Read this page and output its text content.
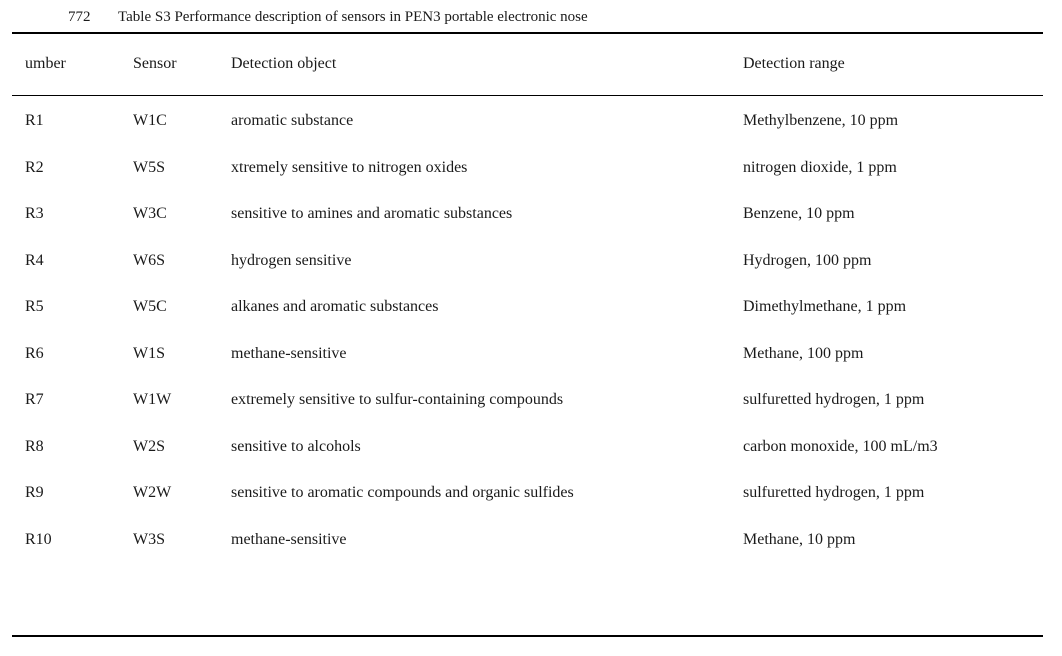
772 Table S3 Performance description of sensors in PEN3 portable electronic nose
umber	Sensor	Detection object	Detection range
R1	W1C	aromatic substance	Methylbenzene, 10 ppm
R2	W5S	xtremely sensitive to nitrogen oxides	nitrogen dioxide, 1 ppm
R3	W3C	sensitive to amines and aromatic substances	Benzene, 10 ppm
R4	W6S	hydrogen sensitive	Hydrogen, 100 ppm
R5	W5C	alkanes and aromatic substances	Dimethylmethane, 1 ppm
R6	W1S	methane-sensitive	Methane, 100 ppm
R7	W1W	extremely sensitive to sulfur-containing compounds	sulfuretted hydrogen, 1 ppm
R8	W2S	sensitive to alcohols	carbon monoxide, 100 mL/m3
R9	W2W	sensitive to aromatic compounds and organic sulfides	sulfuretted hydrogen, 1 ppm
R10	W3S	methane-sensitive	Methane, 10 ppm
